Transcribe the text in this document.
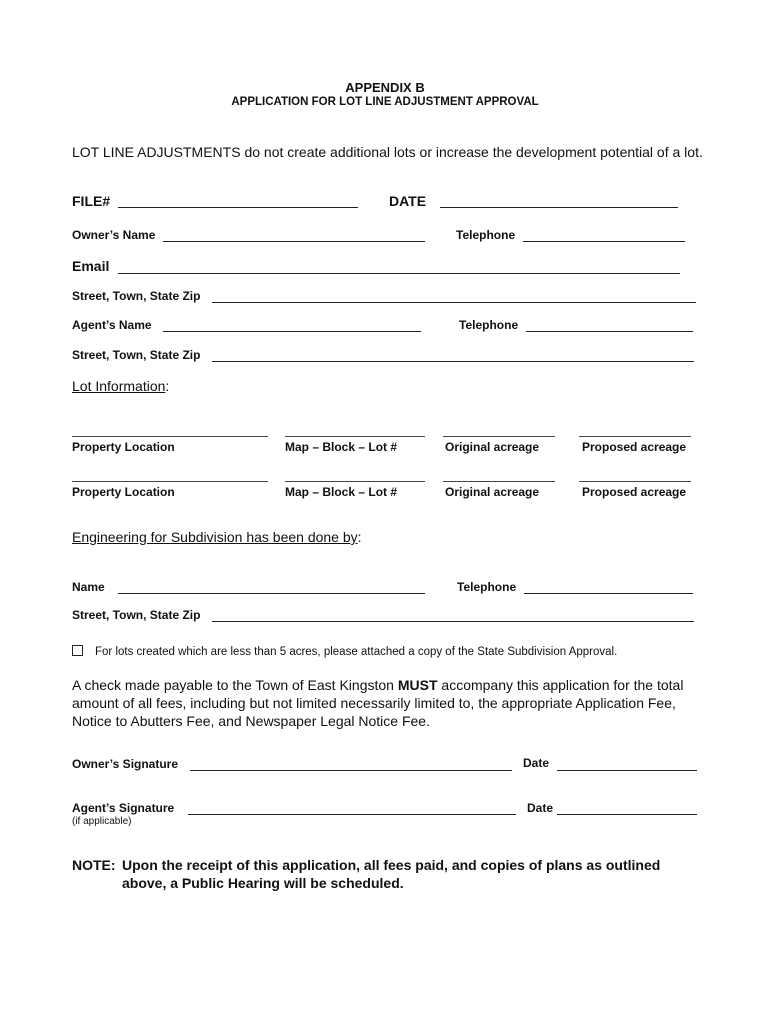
APPENDIX B
APPLICATION FOR LOT LINE ADJUSTMENT APPROVAL
LOT LINE ADJUSTMENTS do not create additional lots or increase the development potential of a lot.
FILE#	DATE
Owner’s Name	Telephone
Email
Street, Town, State Zip
Agent’s Name	Telephone
Street, Town, State Zip
Lot Information:
Property Location	Map – Block – Lot #	Original acreage	Proposed acreage
Property Location	Map – Block – Lot #	Original acreage	Proposed acreage
Engineering for Subdivision has been done by:
Name	Telephone
Street, Town, State Zip
For lots created which are less than 5 acres, please attached a copy of the State Subdivision Approval.
A check made payable to the Town of East Kingston MUST accompany this application for the total
amount of all fees, including but not limited necessarily limited to, the appropriate Application Fee,
Notice to Abutters Fee, and Newspaper Legal Notice Fee.
Owner’s Signature	Date
Agent’s Signature	Date
(if applicable)
NOTE: Upon the receipt of this application, all fees paid, and copies of plans as outlined
above, a Public Hearing will be scheduled.
